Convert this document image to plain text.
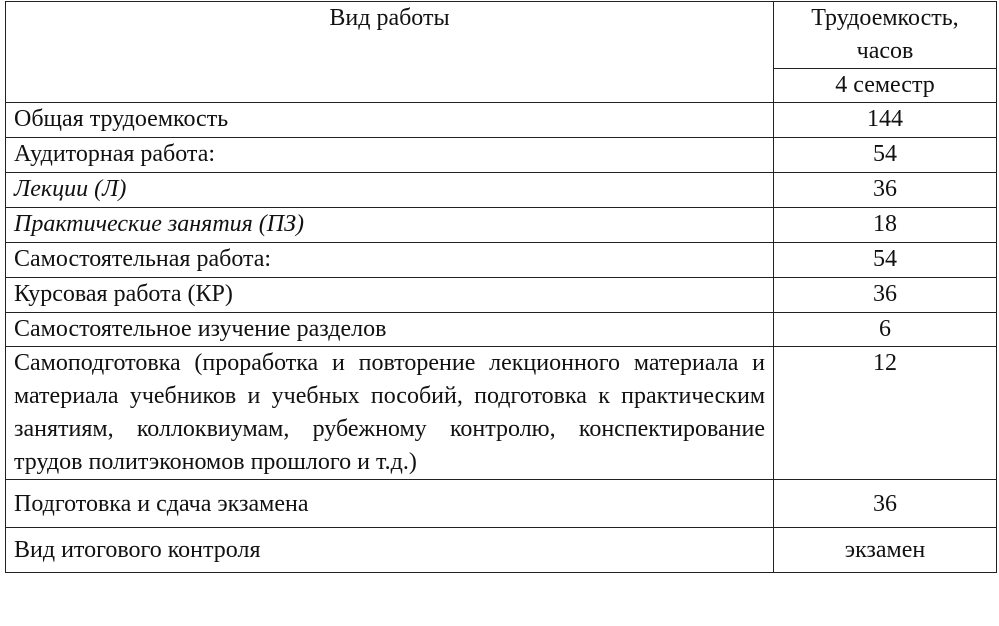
Вид работы	Трудоемкость, часов
	4 семестр
Общая трудоемкость	144
Аудиторная работа:	54
Лекции (Л)	36
Практические занятия (ПЗ)	18
Самостоятельная работа:	54
Курсовая работа (КР)	36
Самостоятельное изучение разделов	6
Самоподготовка (проработка и повторение лекционного материала и материала учебников и учебных пособий, подготовка к практическим занятиям, коллоквиумам, рубежному контролю, конспектирование трудов политэкономов прошлого и т.д.)	12
Подготовка и сдача экзамена	36
Вид итогового контроля	экзамен
